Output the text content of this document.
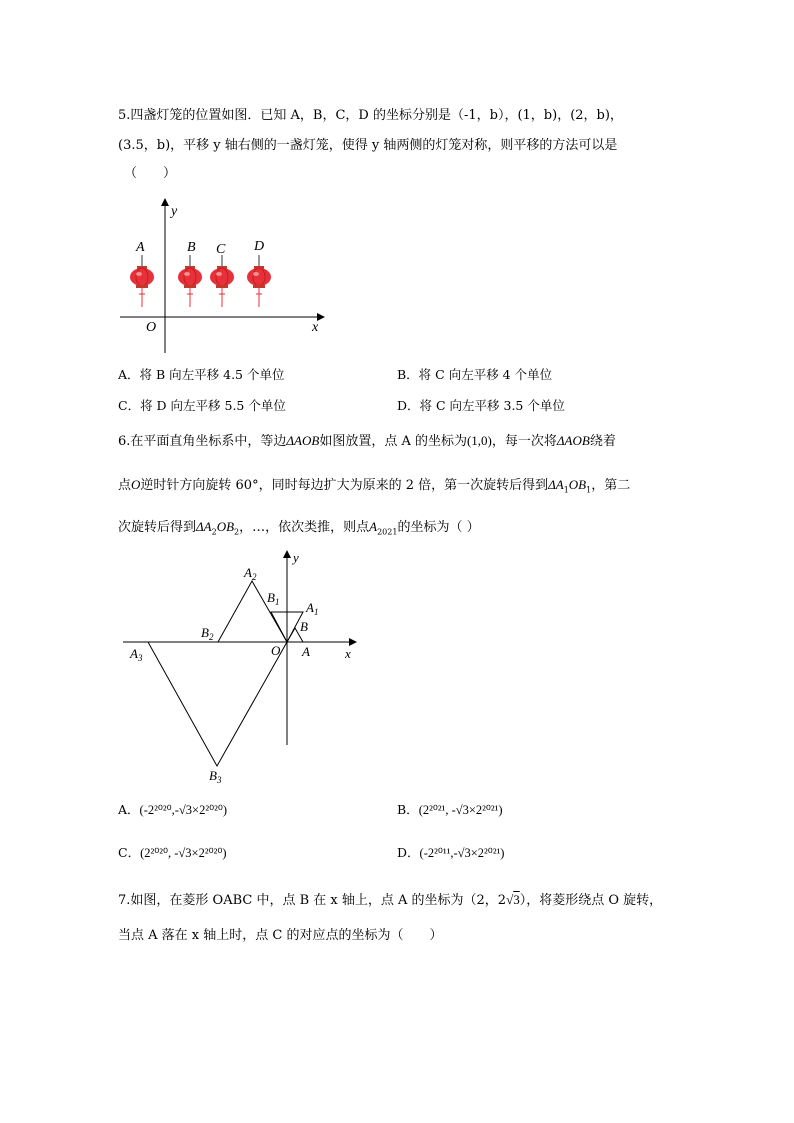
5.四盏灯笼的位置如图．已知 A，B，C，D 的坐标分别是（-1，b），(1，b)，(2，b)，
(3.5，b)，平移 y 轴右侧的一盏灯笼，使得 y 轴两侧的灯笼对称，则平移的方法可以是
（　　）
y
x
O
A	B C D
A．将 B 向左平移 4.5 个单位	B．将 C 向左平移 4 个单位
C．将 D 向左平移 5.5 个单位	D．将 C 向左平移 3.5 个单位
6.在平面直角坐标系中，等边ΔAOB如图放置，点 A 的坐标为(1,0)，每一次将ΔAOB绕着
点O逆时针方向旋转 60°，同时每边扩大为原来的 2 倍，第一次旋转后得到$\Delta A_1OB_1$，第二
次旋转后得到$\Delta A_2OB_2$，…，依次类推，则点$A_{2021}$的坐标为（ ）
$A_2$
$B_1$ $A_1$
B
$B_2$
O A
$A_3$
$B_3$
x
y
A．(-2²⁰²⁰,-√3×2²⁰²⁰)	B．(2²⁰²¹, -√3×2²⁰²¹)
C．(2²⁰²⁰, -√3×2²⁰²⁰)	D．(-2²⁰¹¹,-√3×2²⁰²¹)
7.如图，在菱形 OABC 中，点 B 在 x 轴上，点 A 的坐标为（2，2√3），将菱形绕点 O 旋转，
当点 A 落在 x 轴上时，点 C 的对应点的坐标为（　　）
